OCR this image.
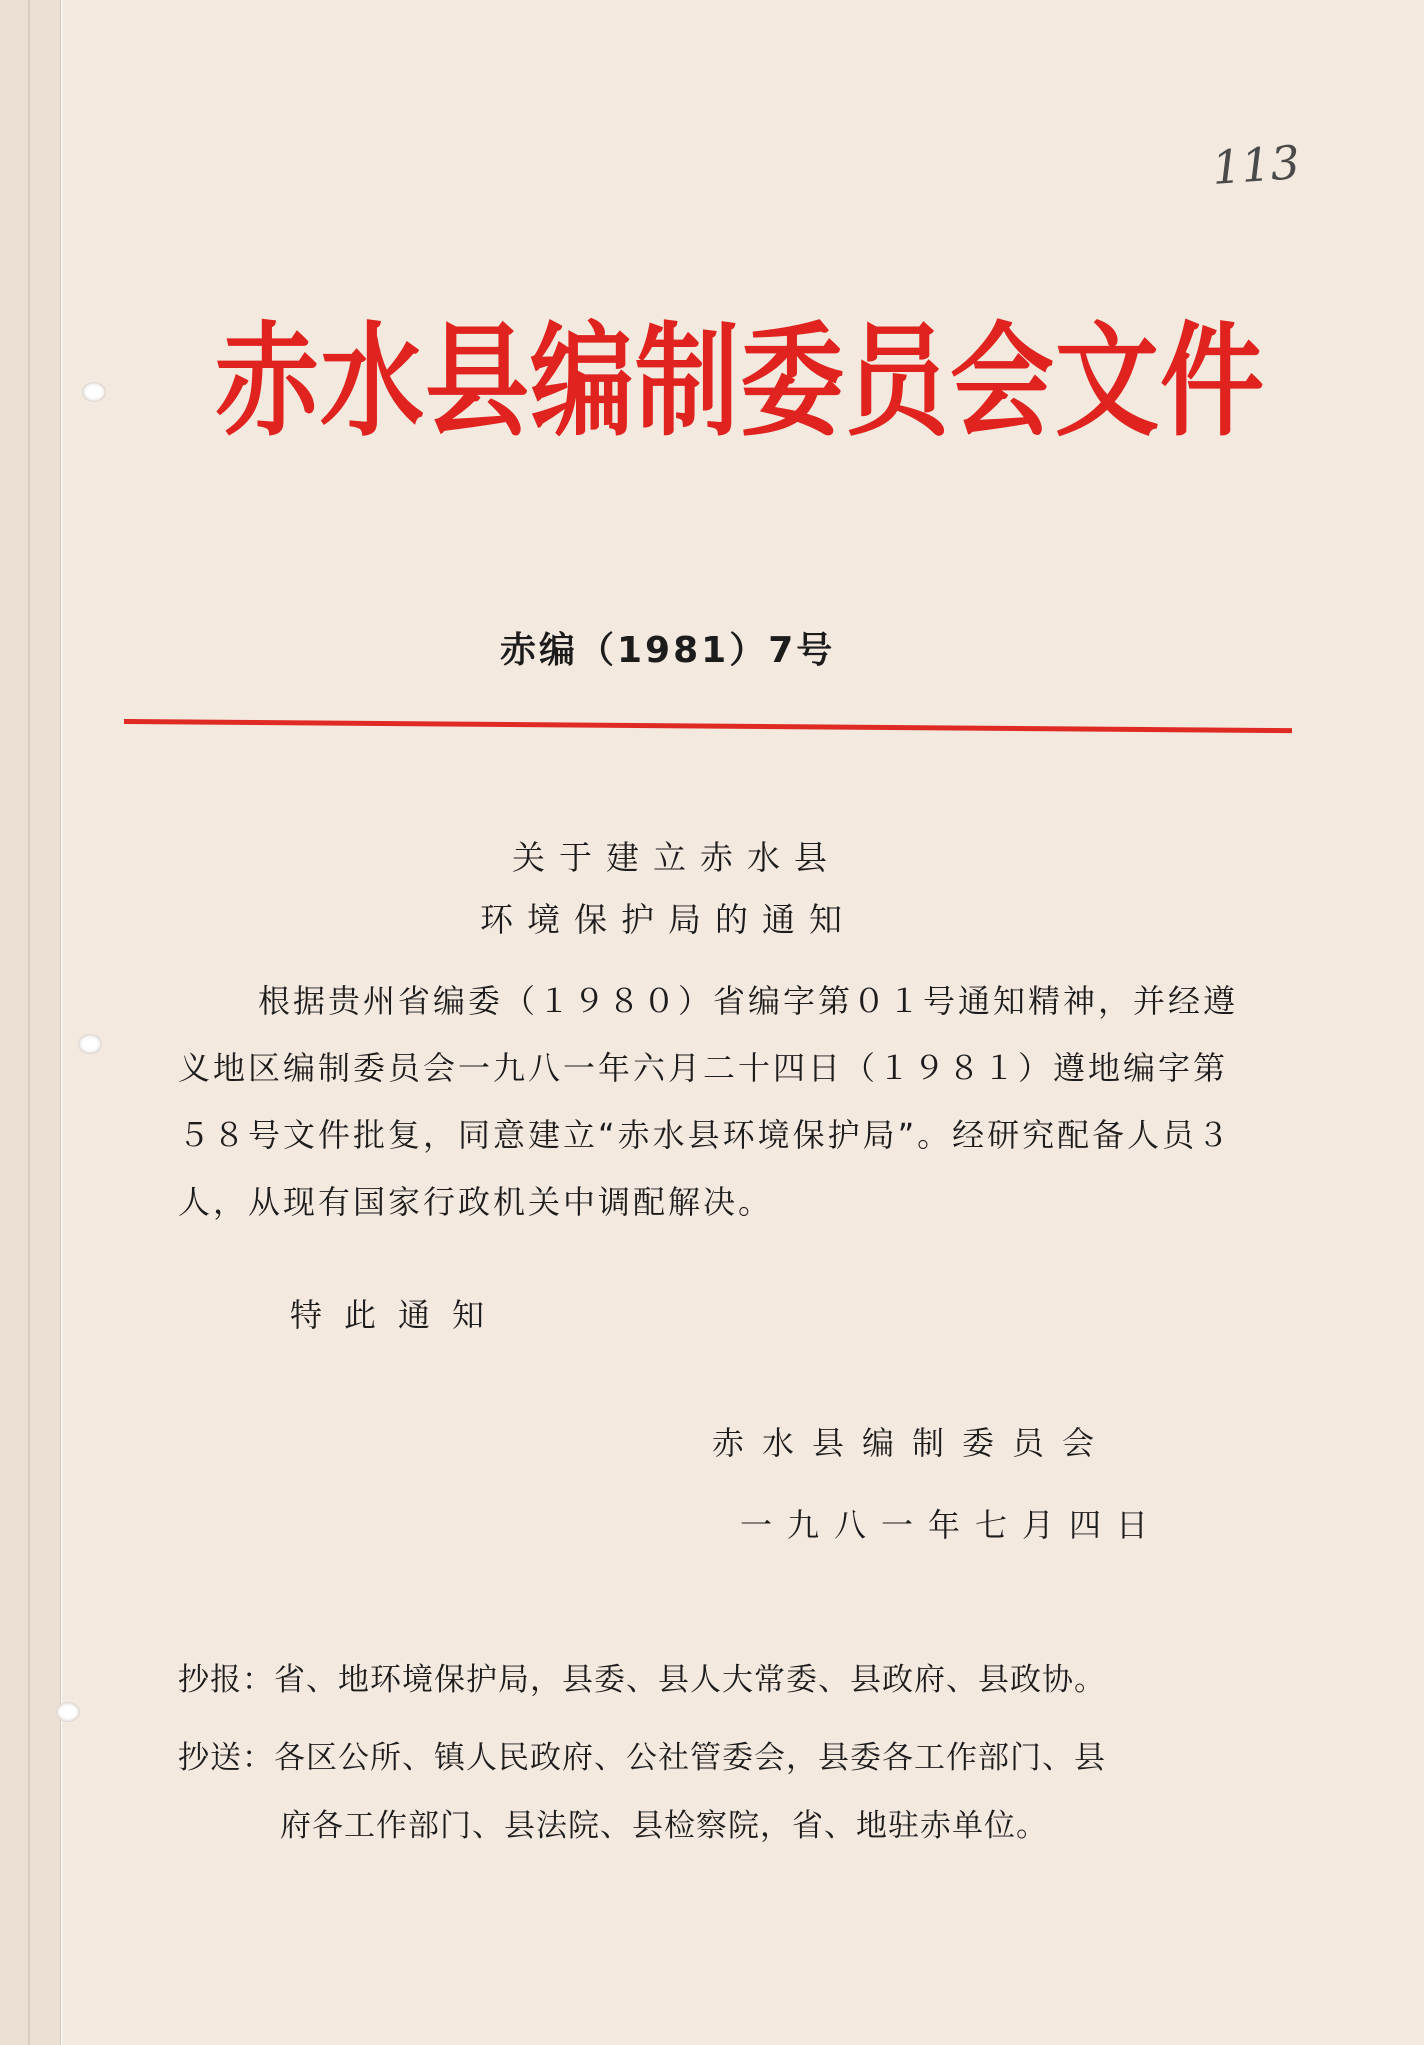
113
赤水县编制委员会文件
赤编（1981）7号
关于建立赤水县
环境保护局的通知

根据贵州省编委（１９８０）省编字第０１号通知精神，并经遵义地区编制委员会一九八一年六月二十四日（１９８１）遵地编字第５８号文件批复，同意建立“赤水县环境保护局”。经研究配备人员３人，从现有国家行政机关中调配解决。

特此通知
赤水县编制委员会
一九八一年七月四日
抄报：省、地环境保护局，县委、县人大常委、县政府、县政协。
抄送：各区公所、镇人民政府、公社管委会，县委各工作部门、县
府各工作部门、县法院、县检察院，省、地驻赤单位。
